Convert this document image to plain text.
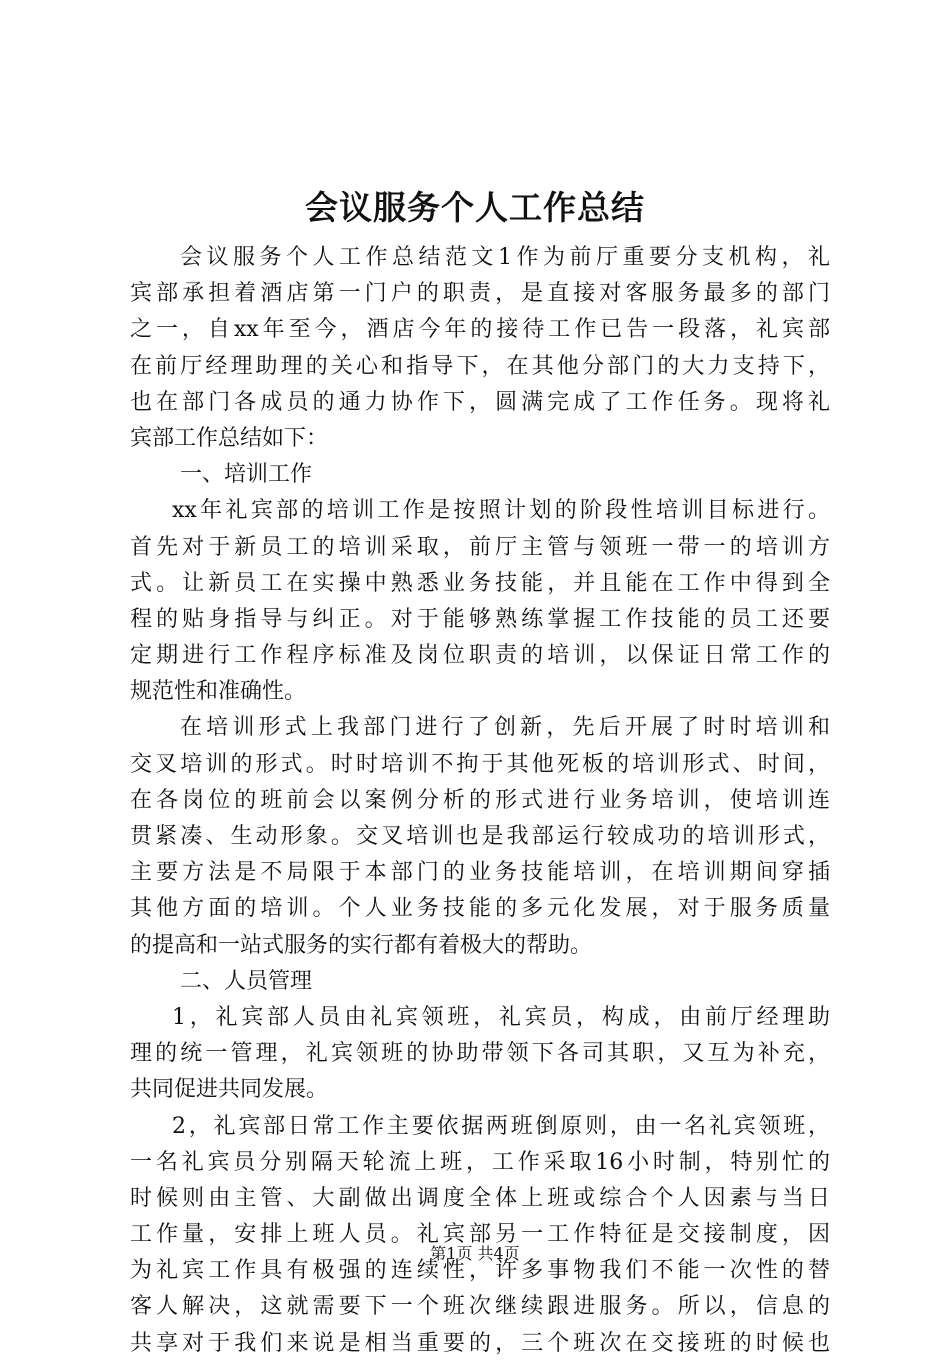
会议服务个人工作总结
会议服务个人工作总结范文1作为前厅重要分支机构，礼
宾部承担着酒店第一门户的职责，是直接对客服务最多的部门
之一，自xx年至今，酒店今年的接待工作已告一段落，礼宾部
在前厅经理助理的关心和指导下，在其他分部门的大力支持下，
也在部门各成员的通力协作下，圆满完成了工作任务。现将礼
宾部工作总结如下：
一、培训工作
xx年礼宾部的培训工作是按照计划的阶段性培训目标进行。
首先对于新员工的培训采取，前厅主管与领班一带一的培训方
式。让新员工在实操中熟悉业务技能，并且能在工作中得到全
程的贴身指导与纠正。对于能够熟练掌握工作技能的员工还要
定期进行工作程序标准及岗位职责的培训，以保证日常工作的
规范性和准确性。
在培训形式上我部门进行了创新，先后开展了时时培训和
交叉培训的形式。时时培训不拘于其他死板的培训形式、时间，
在各岗位的班前会以案例分析的形式进行业务培训，使培训连
贯紧凑、生动形象。交叉培训也是我部运行较成功的培训形式，
主要方法是不局限于本部门的业务技能培训，在培训期间穿插
其他方面的培训。个人业务技能的多元化发展，对于服务质量
的提高和一站式服务的实行都有着极大的帮助。
二、人员管理
1，礼宾部人员由礼宾领班，礼宾员，构成，由前厅经理助
理的统一管理，礼宾领班的协助带领下各司其职，又互为补充，
共同促进共同发展。
2，礼宾部日常工作主要依据两班倒原则，由一名礼宾领班，
一名礼宾员分别隔天轮流上班，工作采取16小时制，特别忙的
时候则由主管、大副做出调度全体上班或综合个人因素与当日
工作量，安排上班人员。礼宾部另一工作特征是交接制度，因
为礼宾工作具有极强的连续性，许多事物我们不能一次性的替
客人解决，这就需要下一个班次继续跟进服务。所以，信息的
共享对于我们来说是相当重要的，三个班次在交接班的时候也
第1页 共4页
